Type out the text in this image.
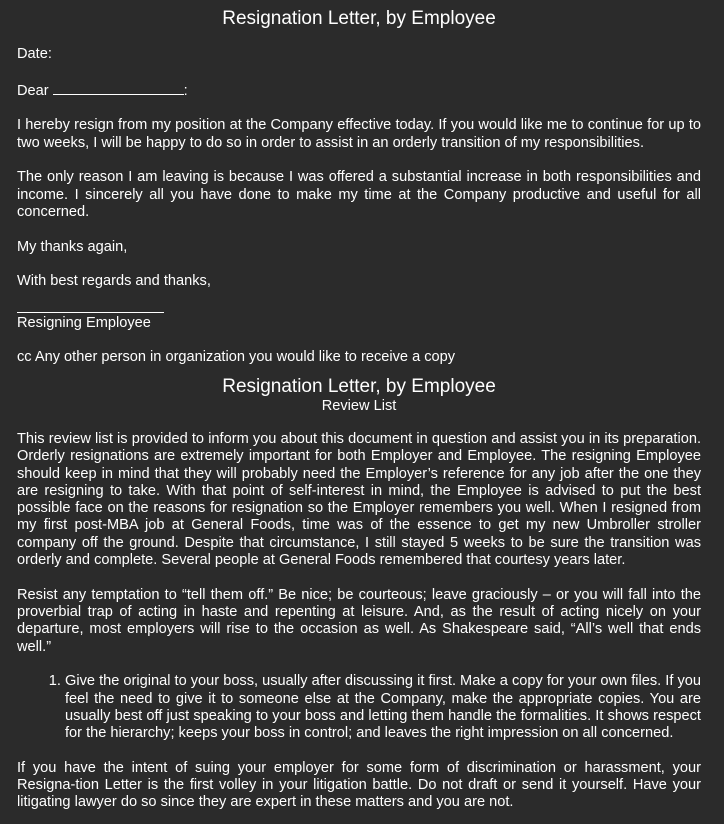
Resignation Letter, by Employee

Date:

Dear	:

I hereby resign from my position at the Company effective today. If you would like me to continue for up to two weeks, I will be happy to do so in order to assist in an orderly transition of my responsibilities.

The only reason I am leaving is because I was offered a substantial increase in both responsibilities and income. I sincerely all you have done to make my time at the Company productive and useful for all concerned.

My thanks again,

With best regards and thanks,

Resigning Employee

cc Any other person in organization you would like to receive a copy

Resignation Letter, by Employee
Review List

This review list is provided to inform you about this document in question and assist you in its preparation. Orderly resignations are extremely important for both Employer and Employee. The resigning Employee should keep in mind that they will probably need the Employer’s reference for any job after the one they are resigning to take. With that point of self-interest in mind, the Employee is advised to put the best possible face on the reasons for resignation so the Employer remembers you well. When I resigned from my first post-MBA job at General Foods, time was of the essence to get my new Umbroller stroller company off the ground. Despite that circumstance, I still stayed 5 weeks to be sure the transition was orderly and complete. Several people at General Foods remembered that courtesy years later.

Resist any temptation to “tell them off.” Be nice; be courteous; leave graciously – or you will fall into the proverbial trap of acting in haste and repenting at leisure. And, as the result of acting nicely on your departure, most employers will rise to the occasion as well. As Shakespeare said, “All’s well that ends well.”

1. Give the original to your boss, usually after discussing it first. Make a copy for your own files. If you feel the need to give it to someone else at the Company, make the appropriate copies. You are usually best off just speaking to your boss and letting them handle the formalities. It shows respect for the hierarchy; keeps your boss in control; and leaves the right impression on all concerned.

If you have the intent of suing your employer for some form of discrimination or harassment, your Resigna-tion Letter is the first volley in your litigation battle. Do not draft or send it yourself. Have your litigating lawyer do so since they are expert in these matters and you are not.
